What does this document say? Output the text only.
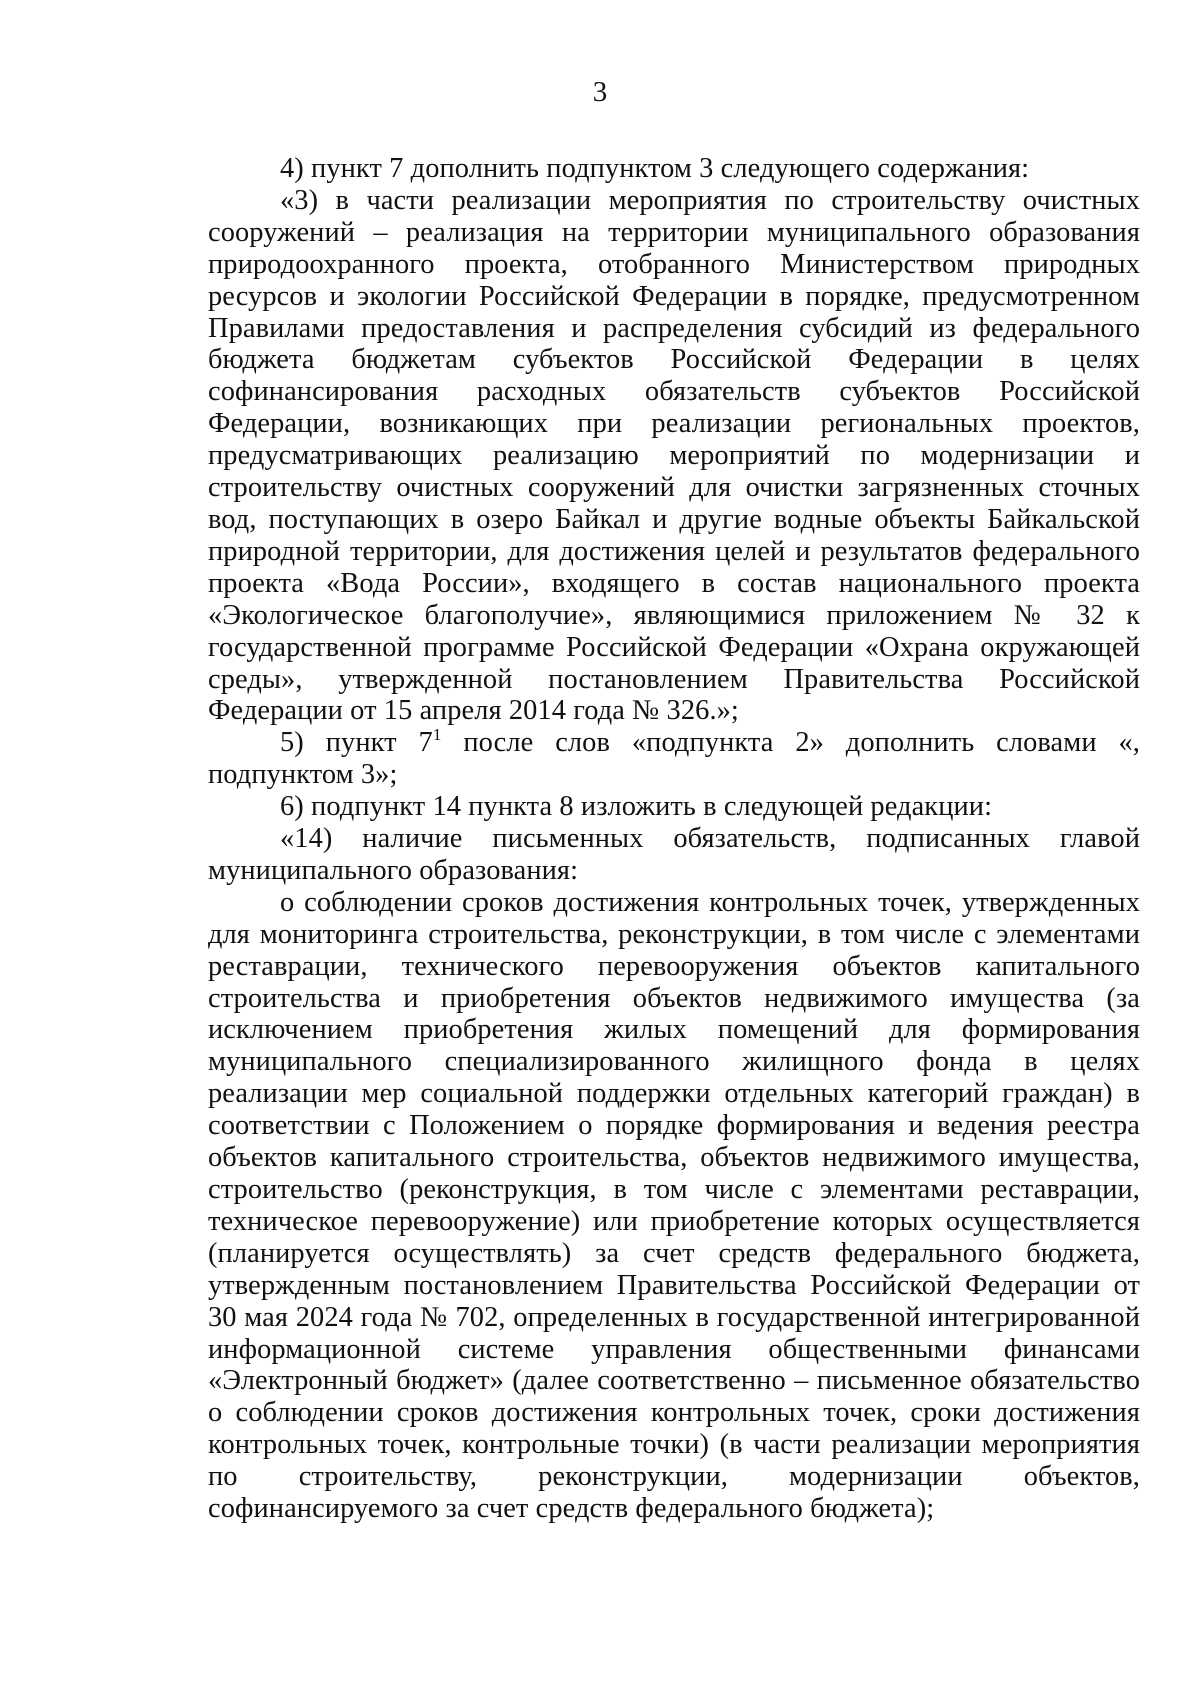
3

4) пункт 7 дополнить подпунктом 3 следующего содержания:

«3) в части реализации мероприятия по строительству очистных сооружений – реализация на территории муниципального образования природоохранного проекта, отобранного Министерством природных ресурсов и экологии Российской Федерации в порядке, предусмотренном Правилами предоставления и распределения субсидий из федерального бюджета бюджетам субъектов Российской Федерации в целях софинансирования расходных обязательств субъектов Российской Федерации, возникающих при реализации региональных проектов, предусматривающих реализацию мероприятий по модернизации и строительству очистных сооружений для очистки загрязненных сточных вод, поступающих в озеро Байкал и другие водные объекты Байкальской природной территории, для достижения целей и результатов федерального проекта «Вода России», входящего в состав национального проекта «Экологическое благополучие», являющимися приложением № 32 к государственной программе Российской Федерации «Охрана окружающей среды», утвержденной постановлением Правительства Российской Федерации от 15 апреля 2014 года № 326.»;

5) пункт $7^1$ после слов «подпункта 2» дополнить словами «, подпунктом 3»;

6) подпункт 14 пункта 8 изложить в следующей редакции:

«14) наличие письменных обязательств, подписанных главой муниципального образования:

о соблюдении сроков достижения контрольных точек, утвержденных для мониторинга строительства, реконструкции, в том числе с элементами реставрации, технического перевооружения объектов капитального строительства и приобретения объектов недвижимого имущества (за исключением приобретения жилых помещений для формирования муниципального специализированного жилищного фонда в целях реализации мер социальной поддержки отдельных категорий граждан) в соответствии с Положением о порядке формирования и ведения реестра объектов капитального строительства, объектов недвижимого имущества, строительство (реконструкция, в том числе с элементами реставрации, техническое перевооружение) или приобретение которых осуществляется (планируется осуществлять) за счет средств федерального бюджета, утвержденным постановлением Правительства Российской Федерации от 30 мая 2024 года № 702, определенных в государственной интегрированной информационной системе управления общественными финансами «Электронный бюджет» (далее соответственно – письменное обязательство о соблюдении сроков достижения контрольных точек, сроки достижения контрольных точек, контрольные точки) (в части реализации мероприятия по строительству, реконструкции, модернизации объектов, софинансируемого за счет средств федерального бюджета);
